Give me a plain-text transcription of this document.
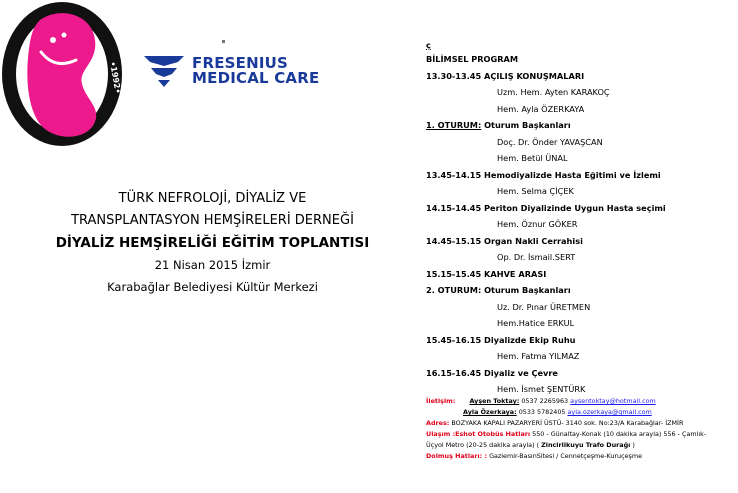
•1992•	FRESENIUS
MEDICAL CARE
TÜRK NEFROLOJİ, DİYALİZ VE
TRANSPLANTASYON HEMŞİRELERİ DERNEĞİ
DİYALİZ HEMŞİRELİĞİ EĞİTİM TOPLANTISI
21 Nisan 2015 İzmir
Karabağlar Belediyesi Kültür Merkezi
ç
BİLİMSEL PROGRAM
13.30-13.45 AÇILIŞ KONUŞMALARI
Uzm. Hem. Ayten KARAKOÇ
Hem. Ayla ÖZERKAYA
1. OTURUM: Oturum Başkanları
Doç. Dr. Önder YAVAŞCAN
Hem. Betül ÜNAL
13.45-14.15 Hemodiyalizde Hasta Eğitimi ve İzlemi
Hem. Selma ÇİÇEK
14.15-14.45 Periton Diyalizinde Uygun Hasta seçimi
Hem. Öznur GÖKER
14.45-15.15 Organ Nakli Cerrahisi
Op. Dr. İsmail.SERT
15.15-15.45 KAHVE ARASI
2. OTURUM: Oturum Başkanları
Uz. Dr. Pınar ÜRETMEN
Hem.Hatice ERKUL
15.45-16.15 Diyalizde Ekip Ruhu
Hem. Fatma YILMAZ
16.15-16.45 Diyaliz ve Çevre
Hem. İsmet ŞENTÜRK
İletişim: Ayşen Toktay: 0537 2265963 aysentoktay@hotmail.com
Ayla Özerkaya: 0533 5782405 ayla.ozerkaya@gmail.com
Adres: BOZYAKA KAPALI PAZARYERİ ÜSTÜ- 3140 sok. No:23/A Karabağlar- İZMİR
Ulaşım :Eshot Otobüs Hatları 550 - Günaltay-Konak (10 dakika arayla) 556 - Çamlık-
Üçyol Metro (20-25 dakika arayla) ( Zincirlikuyu Trafo Durağı )
Dolmuş Hatları: : Gaziemir-BasınSitesi / Cennetçeşme-Kuruçeşme
